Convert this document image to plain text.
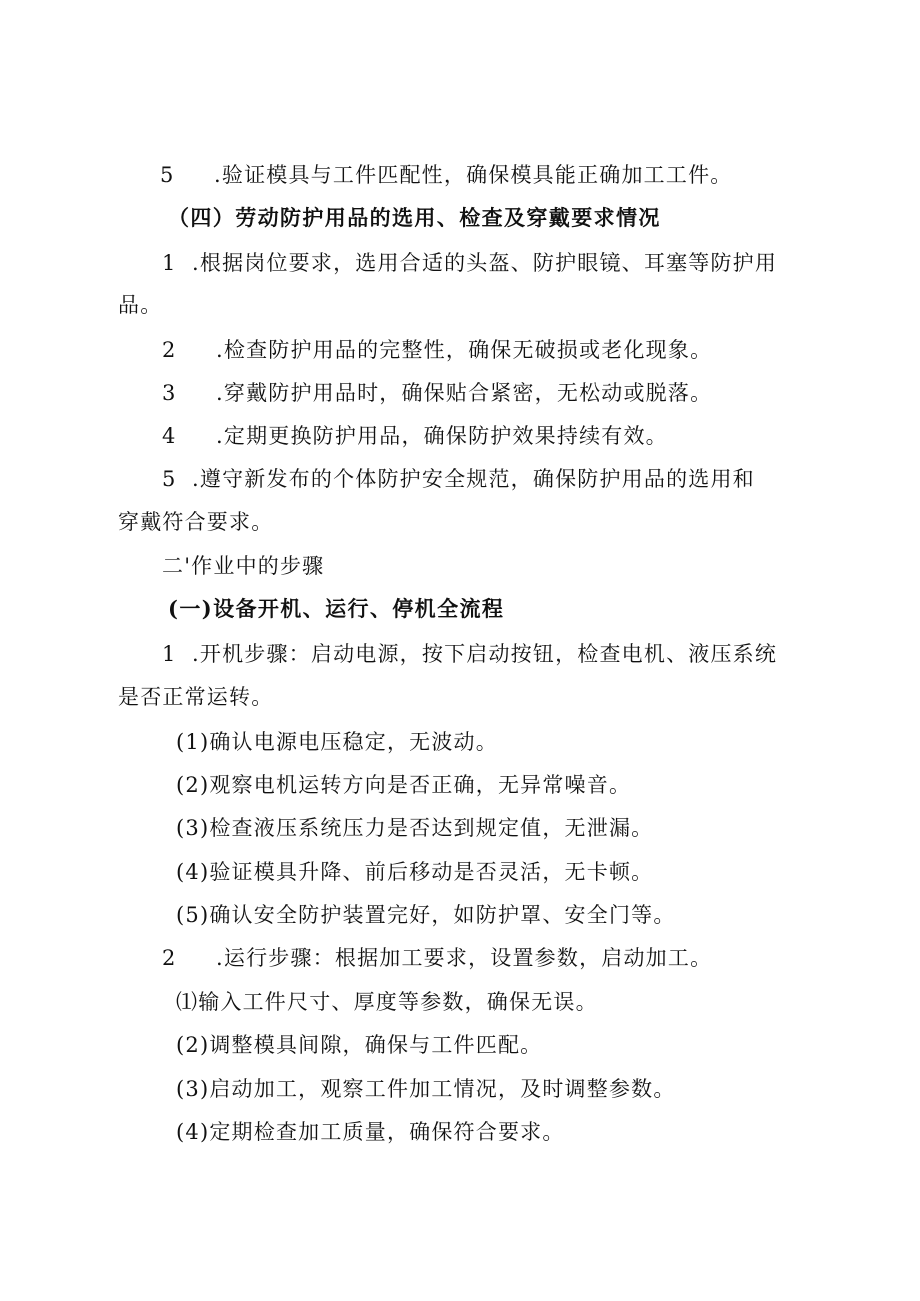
5 .验证模具与工件匹配性，确保模具能正确加工工件。
（四）劳动防护用品的选用、检查及穿戴要求情况
1 .根据岗位要求，选用合适的头盔、防护眼镜、耳塞等防护用
品。
2 .检查防护用品的完整性，确保无破损或老化现象。
3 .穿戴防护用品时，确保贴合紧密，无松动或脱落。
4 .定期更换防护用品，确保防护效果持续有效。
5 .遵守新发布的个体防护安全规范，确保防护用品的选用和
穿戴符合要求。
二'作业中的步骤
(一)设备开机、运行、停机全流程
1 .开机步骤：启动电源，按下启动按钮，检查电机、液压系统
是否正常运转。
(1)确认电源电压稳定，无波动。
(2)观察电机运转方向是否正确，无异常噪音。
(3)检查液压系统压力是否达到规定值，无泄漏。
(4)验证模具升降、前后移动是否灵活，无卡顿。
(5)确认安全防护装置完好，如防护罩、安全门等。
2 .运行步骤：根据加工要求，设置参数，启动加工。
⑴输入工件尺寸、厚度等参数，确保无误。
(2)调整模具间隙，确保与工件匹配。
(3)启动加工，观察工件加工情况，及时调整参数。
(4)定期检查加工质量，确保符合要求。
